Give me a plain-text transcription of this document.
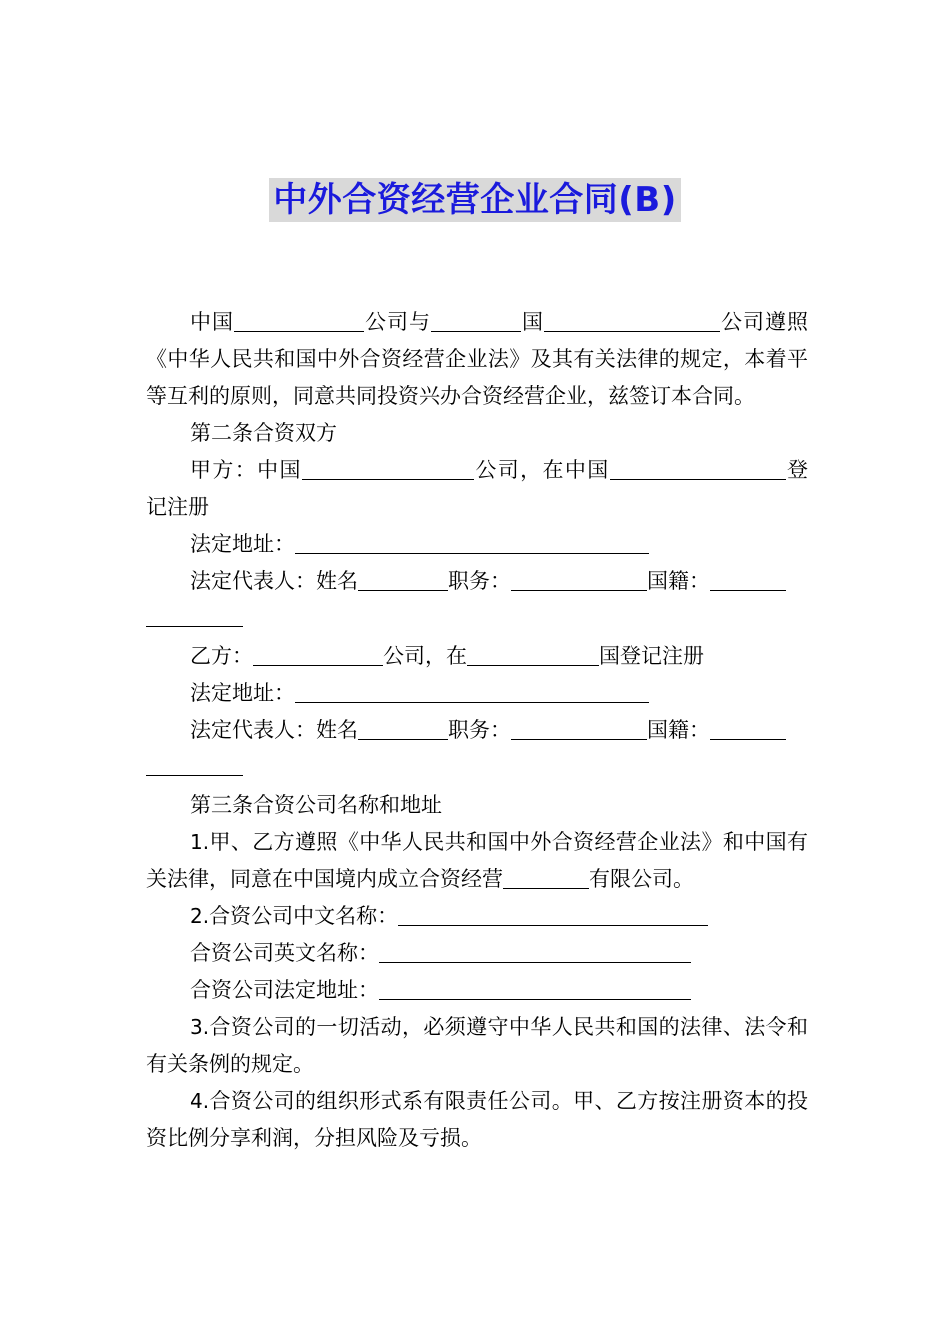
中外合资经营企业合同(B)

中国	公司与	国	公司遵照《中华人民共和国中外合资经营企业法》及其有关法律的规定，本着平等互利的原则，同意共同投资兴办合资经营企业，兹签订本合同。

第二条合资双方

甲方：中国	公司，在中国	登记注册

法定地址：

法定代表人：姓名	职务：	国籍：

乙方：	公司，在	国登记注册

法定地址：

法定代表人：姓名	职务：	国籍：

第三条合资公司名称和地址

1.甲、乙方遵照《中华人民共和国中外合资经营企业法》和中国有关法律，同意在中国境内成立合资经营	有限公司。

2.合资公司中文名称：

合资公司英文名称：

合资公司法定地址：

3.合资公司的一切活动，必须遵守中华人民共和国的法律、法令和有关条例的规定。

4.合资公司的组织形式系有限责任公司。甲、乙方按注册资本的投资比例分享利润，分担风险及亏损。
